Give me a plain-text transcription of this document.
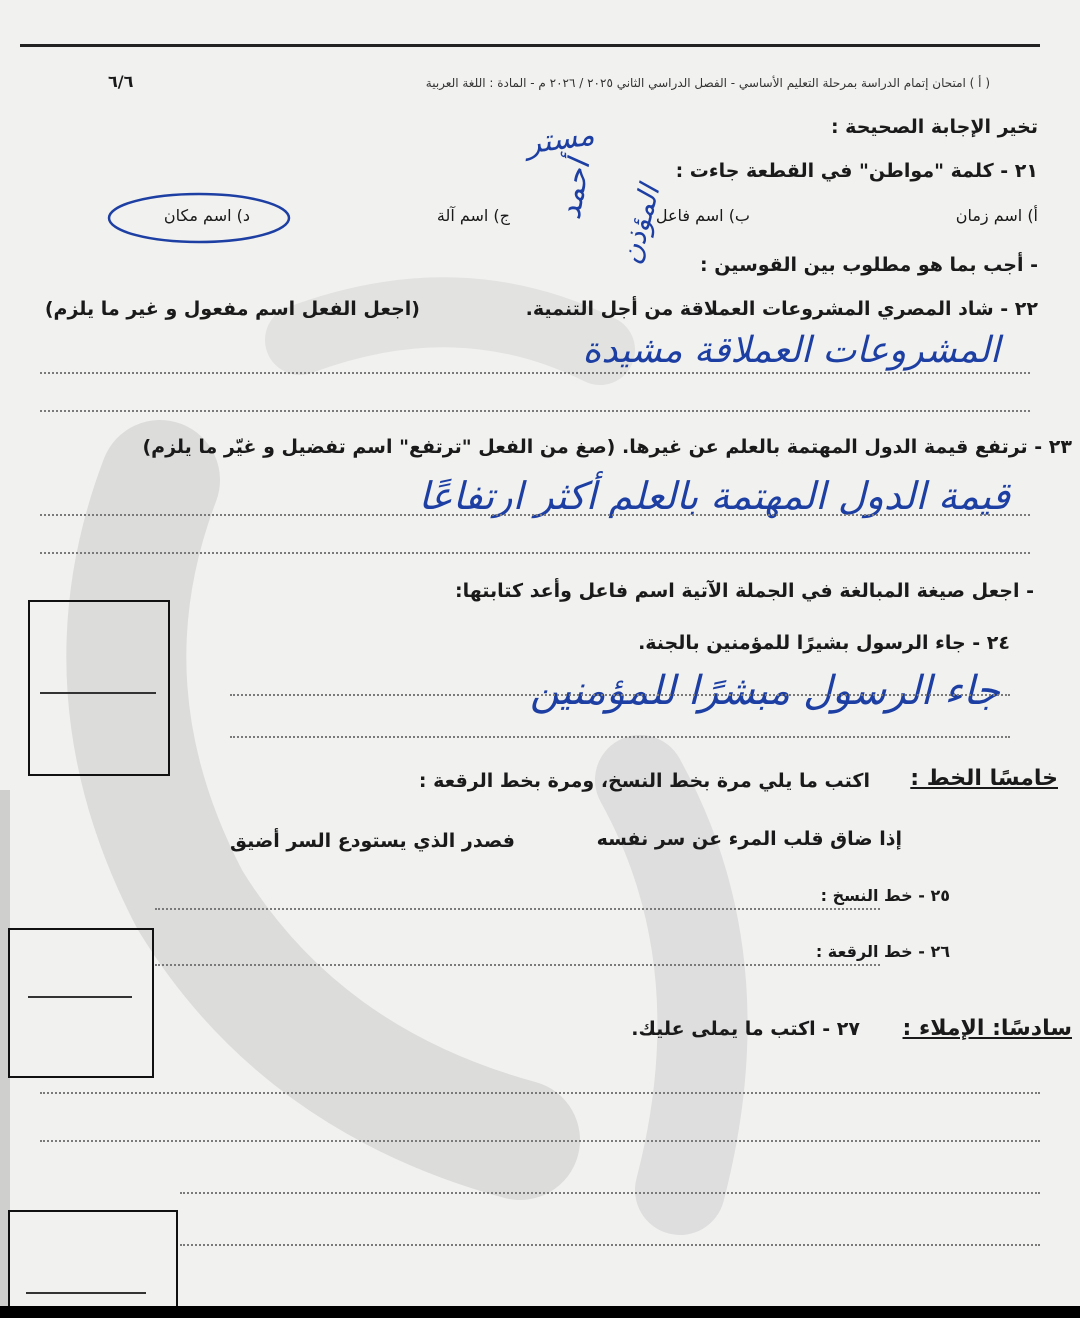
( أ ) امتحان إتمام الدراسة بمرحلة التعليم الأساسي - الفصل الدراسي الثاني ٢٠٢٥ / ٢٠٢٦ م - المادة : اللغة العربية
٦/٦
تخير الإجابة الصحيحة :
٢١ - كلمة "مواطن" في القطعة جاءت :
أ) اسم زمان
ب) اسم فاعل
ج) اسم آلة
د) اسم مكان
مستر
أحمد المؤذن - أجب بما هو مطلوب بين القوسين :
٢٢ - شاد المصري المشروعات العملاقة من أجل التنمية.
(اجعل الفعل اسم مفعول و غير ما يلزم)
المشروعات العملاقة مشيدة
٢٣ - ترتفع قيمة الدول المهتمة بالعلم عن غيرها. (صغ من الفعل "ترتفع" اسم تفضيل و غيّر ما يلزم)
قيمة الدول المهتمة بالعلم أكثر ارتفاعًا
- اجعل صيغة المبالغة في الجملة الآتية اسم فاعل وأعد كتابتها:
٢٤ - جاء الرسول بشيرًا للمؤمنين بالجنة.
جاء الرسول مبشرًا للمؤمنين
خامسًا الخط :
اكتب ما يلي مرة بخط النسخ، ومرة بخط الرقعة :
إذا ضاق قلب المرء عن سر نفسه
فصدر الذي يستودع السر أضيق
٢٥ - خط النسخ :
٢٦ - خط الرقعة :
سادسًا: الإملاء :
٢٧ - اكتب ما يملى عليك.
